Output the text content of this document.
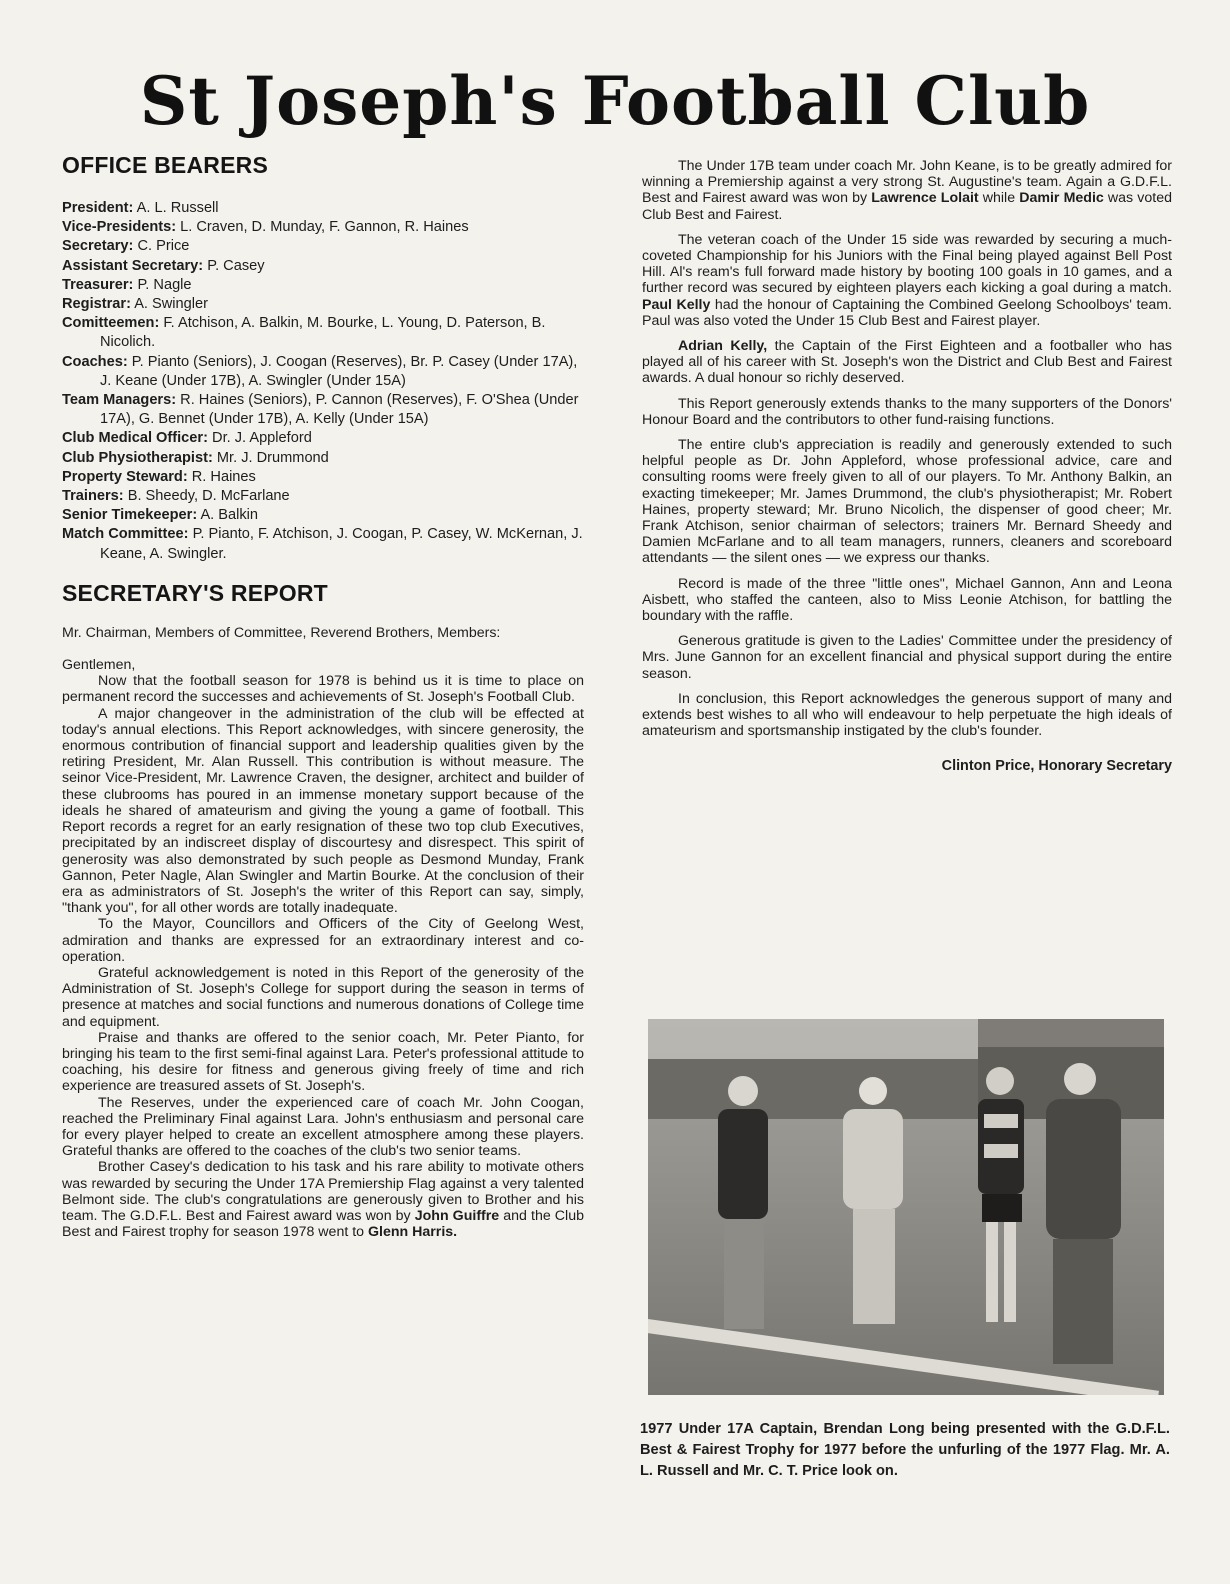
St Joseph's Football Club
OFFICE BEARERS
President: A. L. Russell
Vice-Presidents: L. Craven, D. Munday, F. Gannon, R. Haines
Secretary: C. Price
Assistant Secretary: P. Casey
Treasurer: P. Nagle
Registrar: A. Swingler
Comitteemen: F. Atchison, A. Balkin, M. Bourke, L. Young, D. Paterson, B. Nicolich.
Coaches: P. Pianto (Seniors), J. Coogan (Reserves), Br. P. Casey (Under 17A), J. Keane (Under 17B), A. Swingler (Under 15A)
Team Managers: R. Haines (Seniors), P. Cannon (Reserves), F. O'Shea (Under 17A), G. Bennet (Under 17B), A. Kelly (Under 15A)
Club Medical Officer: Dr. J. Appleford
Club Physiotherapist: Mr. J. Drummond
Property Steward: R. Haines
Trainers: B. Sheedy, D. McFarlane
Senior Timekeeper: A. Balkin
Match Committee: P. Pianto, F. Atchison, J. Coogan, P. Casey, W. McKernan, J. Keane, A. Swingler.
SECRETARY'S REPORT

Mr. Chairman, Members of Committee, Reverend Brothers, Members:

Gentlemen,

Now that the football season for 1978 is behind us it is time to place on permanent record the successes and achievements of St. Joseph's Football Club.

A major changeover in the administration of the club will be effected at today's annual elections. This Report acknowledges, with sincere generosity, the enormous contribution of financial support and leadership qualities given by the retiring President, Mr. Alan Russell. This contribution is without measure. The seinor Vice-President, Mr. Lawrence Craven, the designer, architect and builder of these clubrooms has poured in an immense monetary support because of the ideals he shared of amateurism and giving the young a game of football. This Report records a regret for an early resignation of these two top club Executives, precipitated by an indiscreet display of discourtesy and disrespect. This spirit of generosity was also demonstrated by such people as Desmond Munday, Frank Gannon, Peter Nagle, Alan Swingler and Martin Bourke. At the conclusion of their era as administrators of St. Joseph's the writer of this Report can say, simply, "thank you", for all other words are totally inadequate.

To the Mayor, Councillors and Officers of the City of Geelong West, admiration and thanks are expressed for an extraordinary interest and co-operation.

Grateful acknowledgement is noted in this Report of the generosity of the Administration of St. Joseph's College for support during the season in terms of presence at matches and social functions and numerous donations of College time and equipment.

Praise and thanks are offered to the senior coach, Mr. Peter Pianto, for bringing his team to the first semi-final against Lara. Peter's professional attitude to coaching, his desire for fitness and generous giving freely of time and rich experience are treasured assets of St. Joseph's.

The Reserves, under the experienced care of coach Mr. John Coogan, reached the Preliminary Final against Lara. John's enthusiasm and personal care for every player helped to create an excellent atmosphere among these players. Grateful thanks are offered to the coaches of the club's two senior teams.

Brother Casey's dedication to his task and his rare ability to motivate others was rewarded by securing the Under 17A Premiership Flag against a very talented Belmont side. The club's congratulations are generously given to Brother and his team. The G.D.F.L. Best and Fairest award was won by John Guiffre and the Club Best and Fairest trophy for season 1978 went to Glenn Harris.

The Under 17B team under coach Mr. John Keane, is to be greatly admired for winning a Premiership against a very strong St. Augustine's team. Again a G.D.F.L. Best and Fairest award was won by Lawrence Lolait while Damir Medic was voted Club Best and Fairest.

The veteran coach of the Under 15 side was rewarded by securing a much-coveted Championship for his Juniors with the Final being played against Bell Post Hill. Al's ream's full forward made history by booting 100 goals in 10 games, and a further record was secured by eighteen players each kicking a goal during a match. Paul Kelly had the honour of Captaining the Combined Geelong Schoolboys' team. Paul was also voted the Under 15 Club Best and Fairest player.

Adrian Kelly, the Captain of the First Eighteen and a footballer who has played all of his career with St. Joseph's won the District and Club Best and Fairest awards. A dual honour so richly deserved.

This Report generously extends thanks to the many supporters of the Donors' Honour Board and the contributors to other fund-raising functions.

The entire club's appreciation is readily and generously extended to such helpful people as Dr. John Appleford, whose professional advice, care and consulting rooms were freely given to all of our players. To Mr. Anthony Balkin, an exacting timekeeper; Mr. James Drummond, the club's physiotherapist; Mr. Robert Haines, property steward; Mr. Bruno Nicolich, the dispenser of good cheer; Mr. Frank Atchison, senior chairman of selectors; trainers Mr. Bernard Sheedy and Damien McFarlane and to all team managers, runners, cleaners and scoreboard attendants — the silent ones — we express our thanks.

Record is made of the three "little ones", Michael Gannon, Ann and Leona Aisbett, who staffed the canteen, also to Miss Leonie Atchison, for battling the boundary with the raffle.

Generous gratitude is given to the Ladies' Committee under the presidency of Mrs. June Gannon for an excellent financial and physical support during the entire season.

In conclusion, this Report acknowledges the generous support of many and extends best wishes to all who will endeavour to help perpetuate the high ideals of amateurism and sportsmanship instigated by the club's founder.

Clinton Price, Honorary Secretary
1977 Under 17A Captain, Brendan Long being presented with the G.D.F.L. Best & Fairest Trophy for 1977 before the unfurling of the 1977 Flag. Mr. A. L. Russell and Mr. C. T. Price look on.
